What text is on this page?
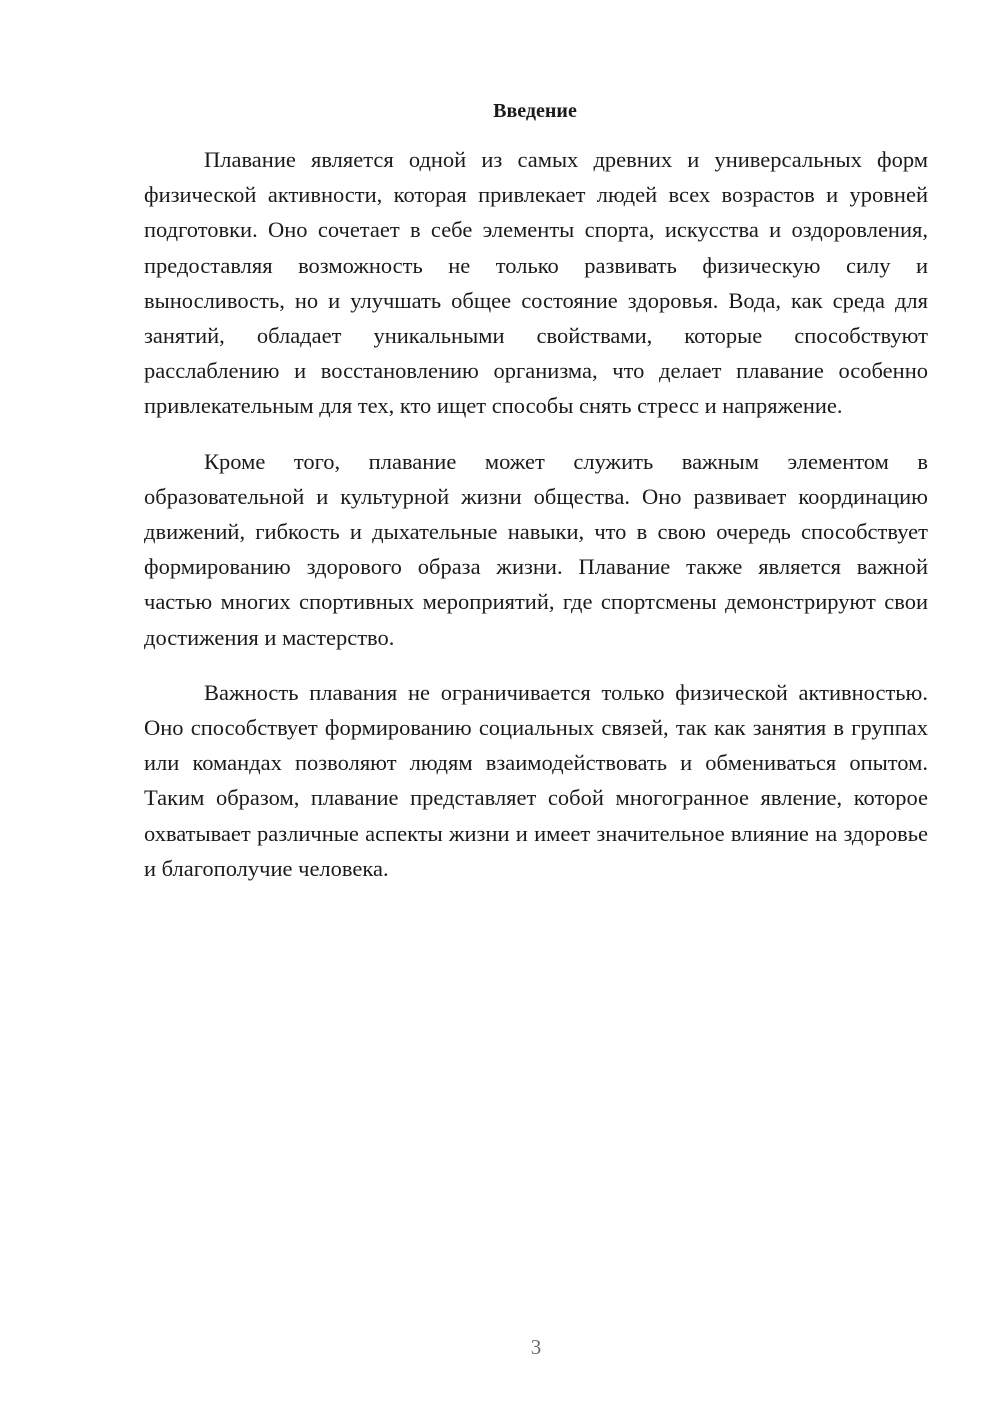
Введение

Плавание является одной из самых древних и универсальных форм физической активности, которая привлекает людей всех возрастов и уровней подготовки. Оно сочетает в себе элементы спорта, искусства и оздоровления, предоставляя возможность не только развивать физическую силу и выносливость, но и улучшать общее состояние здоровья. Вода, как среда для занятий, обладает уникальными свойствами, которые способствуют расслаблению и восстановлению организма, что делает плавание особенно привлекательным для тех, кто ищет способы снять стресс и напряжение.

Кроме того, плавание может служить важным элементом в образовательной и культурной жизни общества. Оно развивает координацию движений, гибкость и дыхательные навыки, что в свою очередь способствует формированию здорового образа жизни. Плавание также является важной частью многих спортивных мероприятий, где спортсмены демонстрируют свои достижения и мастерство.

Важность плавания не ограничивается только физической активностью. Оно способствует формированию социальных связей, так как занятия в группах или командах позволяют людям взаимодействовать и обмениваться опытом. Таким образом, плавание представляет собой многогранное явление, которое охватывает различные аспекты жизни и имеет значительное влияние на здоровье и благополучие человека.

3
